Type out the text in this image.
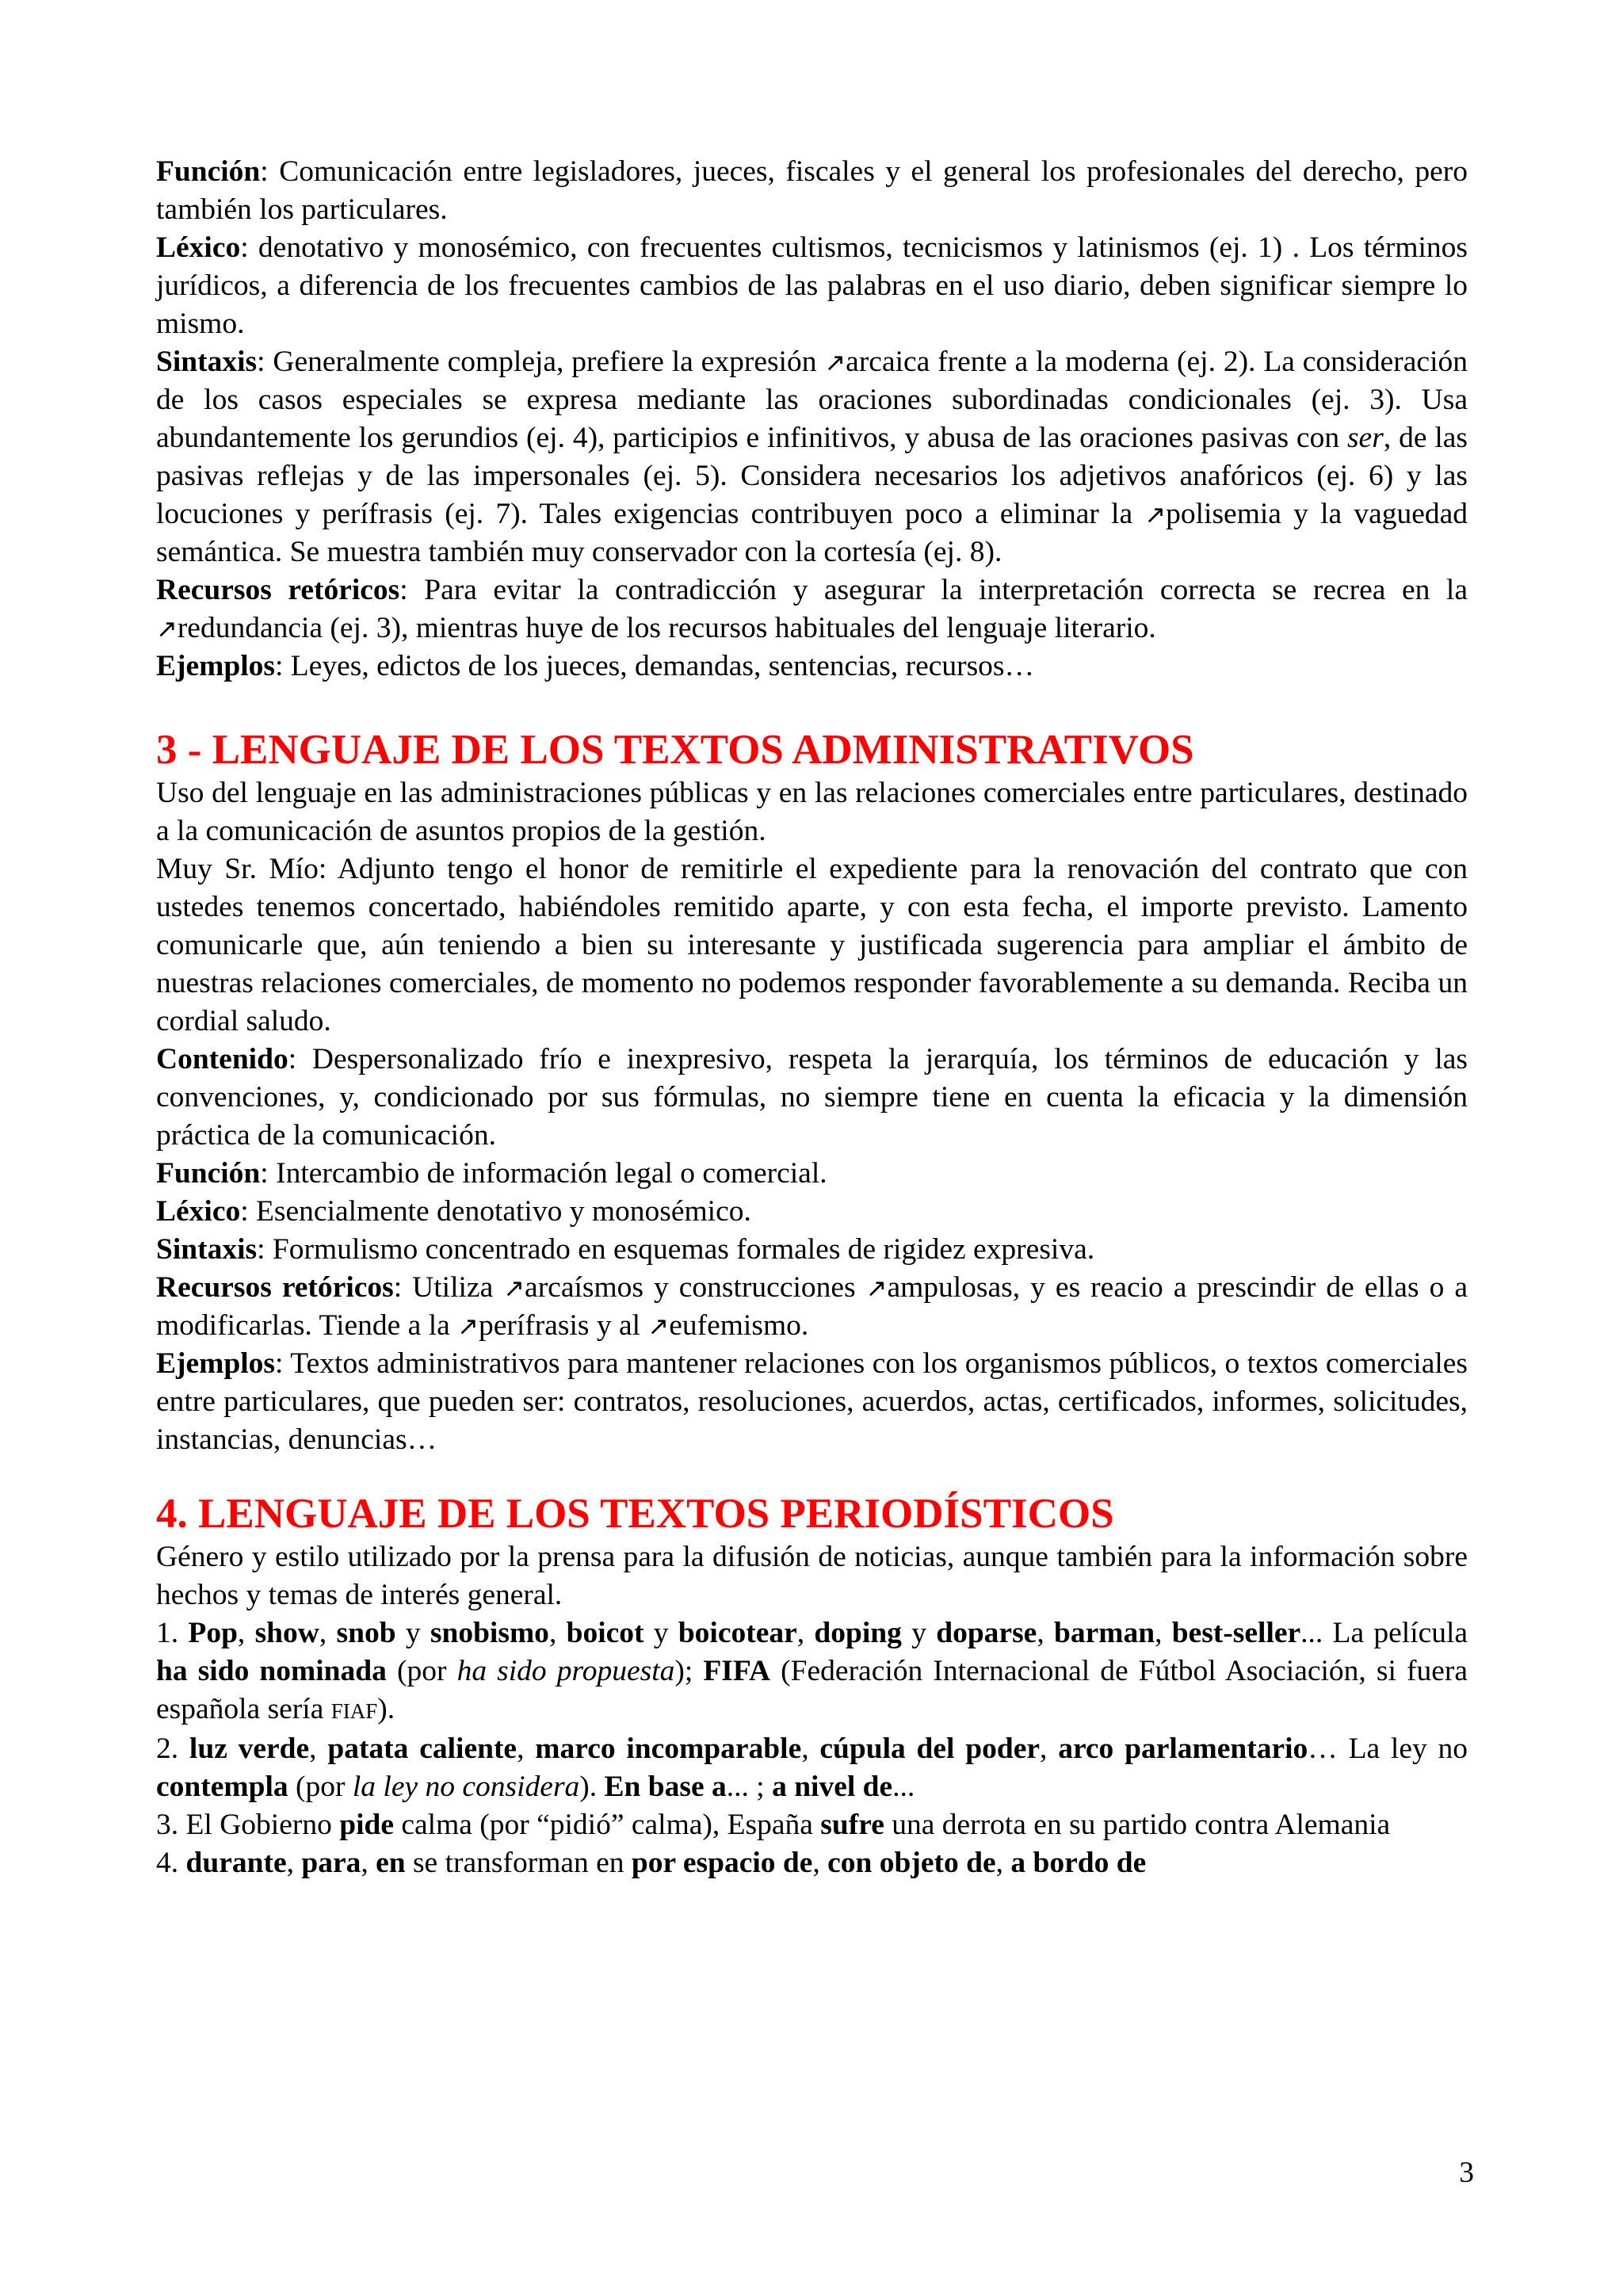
Función: Comunicación entre legisladores, jueces, fiscales y el general los profesionales del derecho, pero también los particulares.

Léxico: denotativo y monosémico, con frecuentes cultismos, tecnicismos y latinismos (ej. 1) . Los términos jurídicos, a diferencia de los frecuentes cambios de las palabras en el uso diario, deben significar siempre lo mismo.

Sintaxis: Generalmente compleja, prefiere la expresión ↗arcaica frente a la moderna (ej. 2). La consideración de los casos especiales se expresa mediante las oraciones subordinadas condicionales (ej. 3). Usa abundantemente los gerundios (ej. 4), participios e infinitivos, y abusa de las oraciones pasivas con ser, de las pasivas reflejas y de las impersonales (ej. 5). Considera necesarios los adjetivos anafóricos (ej. 6) y las locuciones y perífrasis (ej. 7). Tales exigencias contribuyen poco a eliminar la ↗polisemia y la vaguedad semántica. Se muestra también muy conservador con la cortesía (ej. 8).

Recursos retóricos: Para evitar la contradicción y asegurar la interpretación correcta se recrea en la ↗redundancia (ej. 3), mientras huye de los recursos habituales del lenguaje literario.

Ejemplos: Leyes, edictos de los jueces, demandas, sentencias, recursos…

3 - LENGUAJE DE LOS TEXTOS ADMINISTRATIVOS

Uso del lenguaje en las administraciones públicas y en las relaciones comerciales entre particulares, destinado a la comunicación de asuntos propios de la gestión.

Muy Sr. Mío: Adjunto tengo el honor de remitirle el expediente para la renovación del contrato que con ustedes tenemos concertado, habiéndoles remitido aparte, y con esta fecha, el importe previsto. Lamento comunicarle que, aún teniendo a bien su interesante y justificada sugerencia para ampliar el ámbito de nuestras relaciones comerciales, de momento no podemos responder favorablemente a su demanda. Reciba un cordial saludo.

Contenido: Despersonalizado frío e inexpresivo, respeta la jerarquía, los términos de educación y las convenciones, y, condicionado por sus fórmulas, no siempre tiene en cuenta la eficacia y la dimensión práctica de la comunicación.

Función: Intercambio de información legal o comercial.

Léxico: Esencialmente denotativo y monosémico.

Sintaxis: Formulismo concentrado en esquemas formales de rigidez expresiva.

Recursos retóricos: Utiliza ↗arcaísmos y construcciones ↗ampulosas, y es reacio a prescindir de ellas o a modificarlas. Tiende a la ↗perífrasis y al ↗eufemismo.

Ejemplos: Textos administrativos para mantener relaciones con los organismos públicos, o textos comerciales entre particulares, que pueden ser: contratos, resoluciones, acuerdos, actas, certificados, informes, solicitudes, instancias, denuncias…

4. LENGUAJE DE LOS TEXTOS PERIODÍSTICOS

Género y estilo utilizado por la prensa para la difusión de noticias, aunque también para la información sobre hechos y temas de interés general.

1. Pop, show, snob y snobismo, boicot y boicotear, doping y doparse, barman, best-seller... La película ha sido nominada (por ha sido propuesta); FIFA (Federación Internacional de Fútbol Asociación, si fuera española sería FIAF).

2. luz verde, patata caliente, marco incomparable, cúpula del poder, arco parlamentario… La ley no contempla (por la ley no considera). En base a... ; a nivel de...

3. El Gobierno pide calma (por “pidió” calma), España sufre una derrota en su partido contra Alemania

4. durante, para, en se transforman en por espacio de, con objeto de, a bordo de

3
